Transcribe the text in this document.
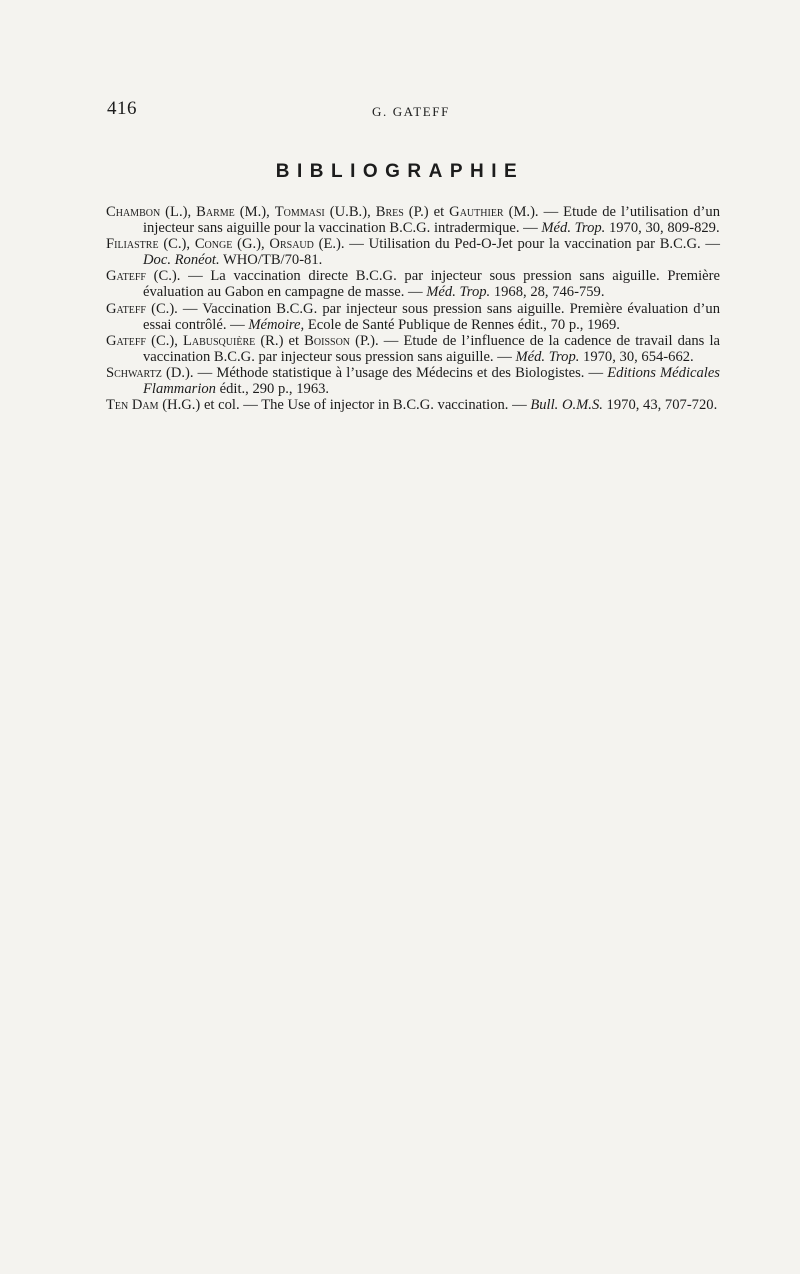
416	G. GATEFF
BIBLIOGRAPHIE
Chambon (L.), Barme (M.), Tommasi (U.B.), Bres (P.) et Gauthier (M.). — Etude de l’utilisation d’un injecteur sans aiguille pour la vaccination B.C.G. intradermique. — Méd. Trop. 1970, 30, 809-829.
Filiastre (C.), Conge (G.), Orsaud (E.). — Utilisation du Ped-O-Jet pour la vaccination par B.C.G. — Doc. Ronéot. WHO/TB/70-81.
Gateff (C.). — La vaccination directe B.C.G. par injecteur sous pression sans aiguille. Première évaluation au Gabon en campagne de masse. — Méd. Trop. 1968, 28, 746-759.
Gateff (C.). — Vaccination B.C.G. par injecteur sous pression sans aiguille. Première évaluation d’un essai contrôlé. — Mémoire, Ecole de Santé Publique de Rennes édit., 70 p., 1969.
Gateff (C.), Labusquière (R.) et Boisson (P.). — Etude de l’influence de la cadence de travail dans la vaccination B.C.G. par injecteur sous pression sans aiguille. — Méd. Trop. 1970, 30, 654-662.
Schwartz (D.). — Méthode statistique à l’usage des Médecins et des Biologistes. — Editions Médicales Flammarion édit., 290 p., 1963.
Ten Dam (H.G.) et col. — The Use of injector in B.C.G. vaccination. — Bull. O.M.S. 1970, 43, 707-720.
